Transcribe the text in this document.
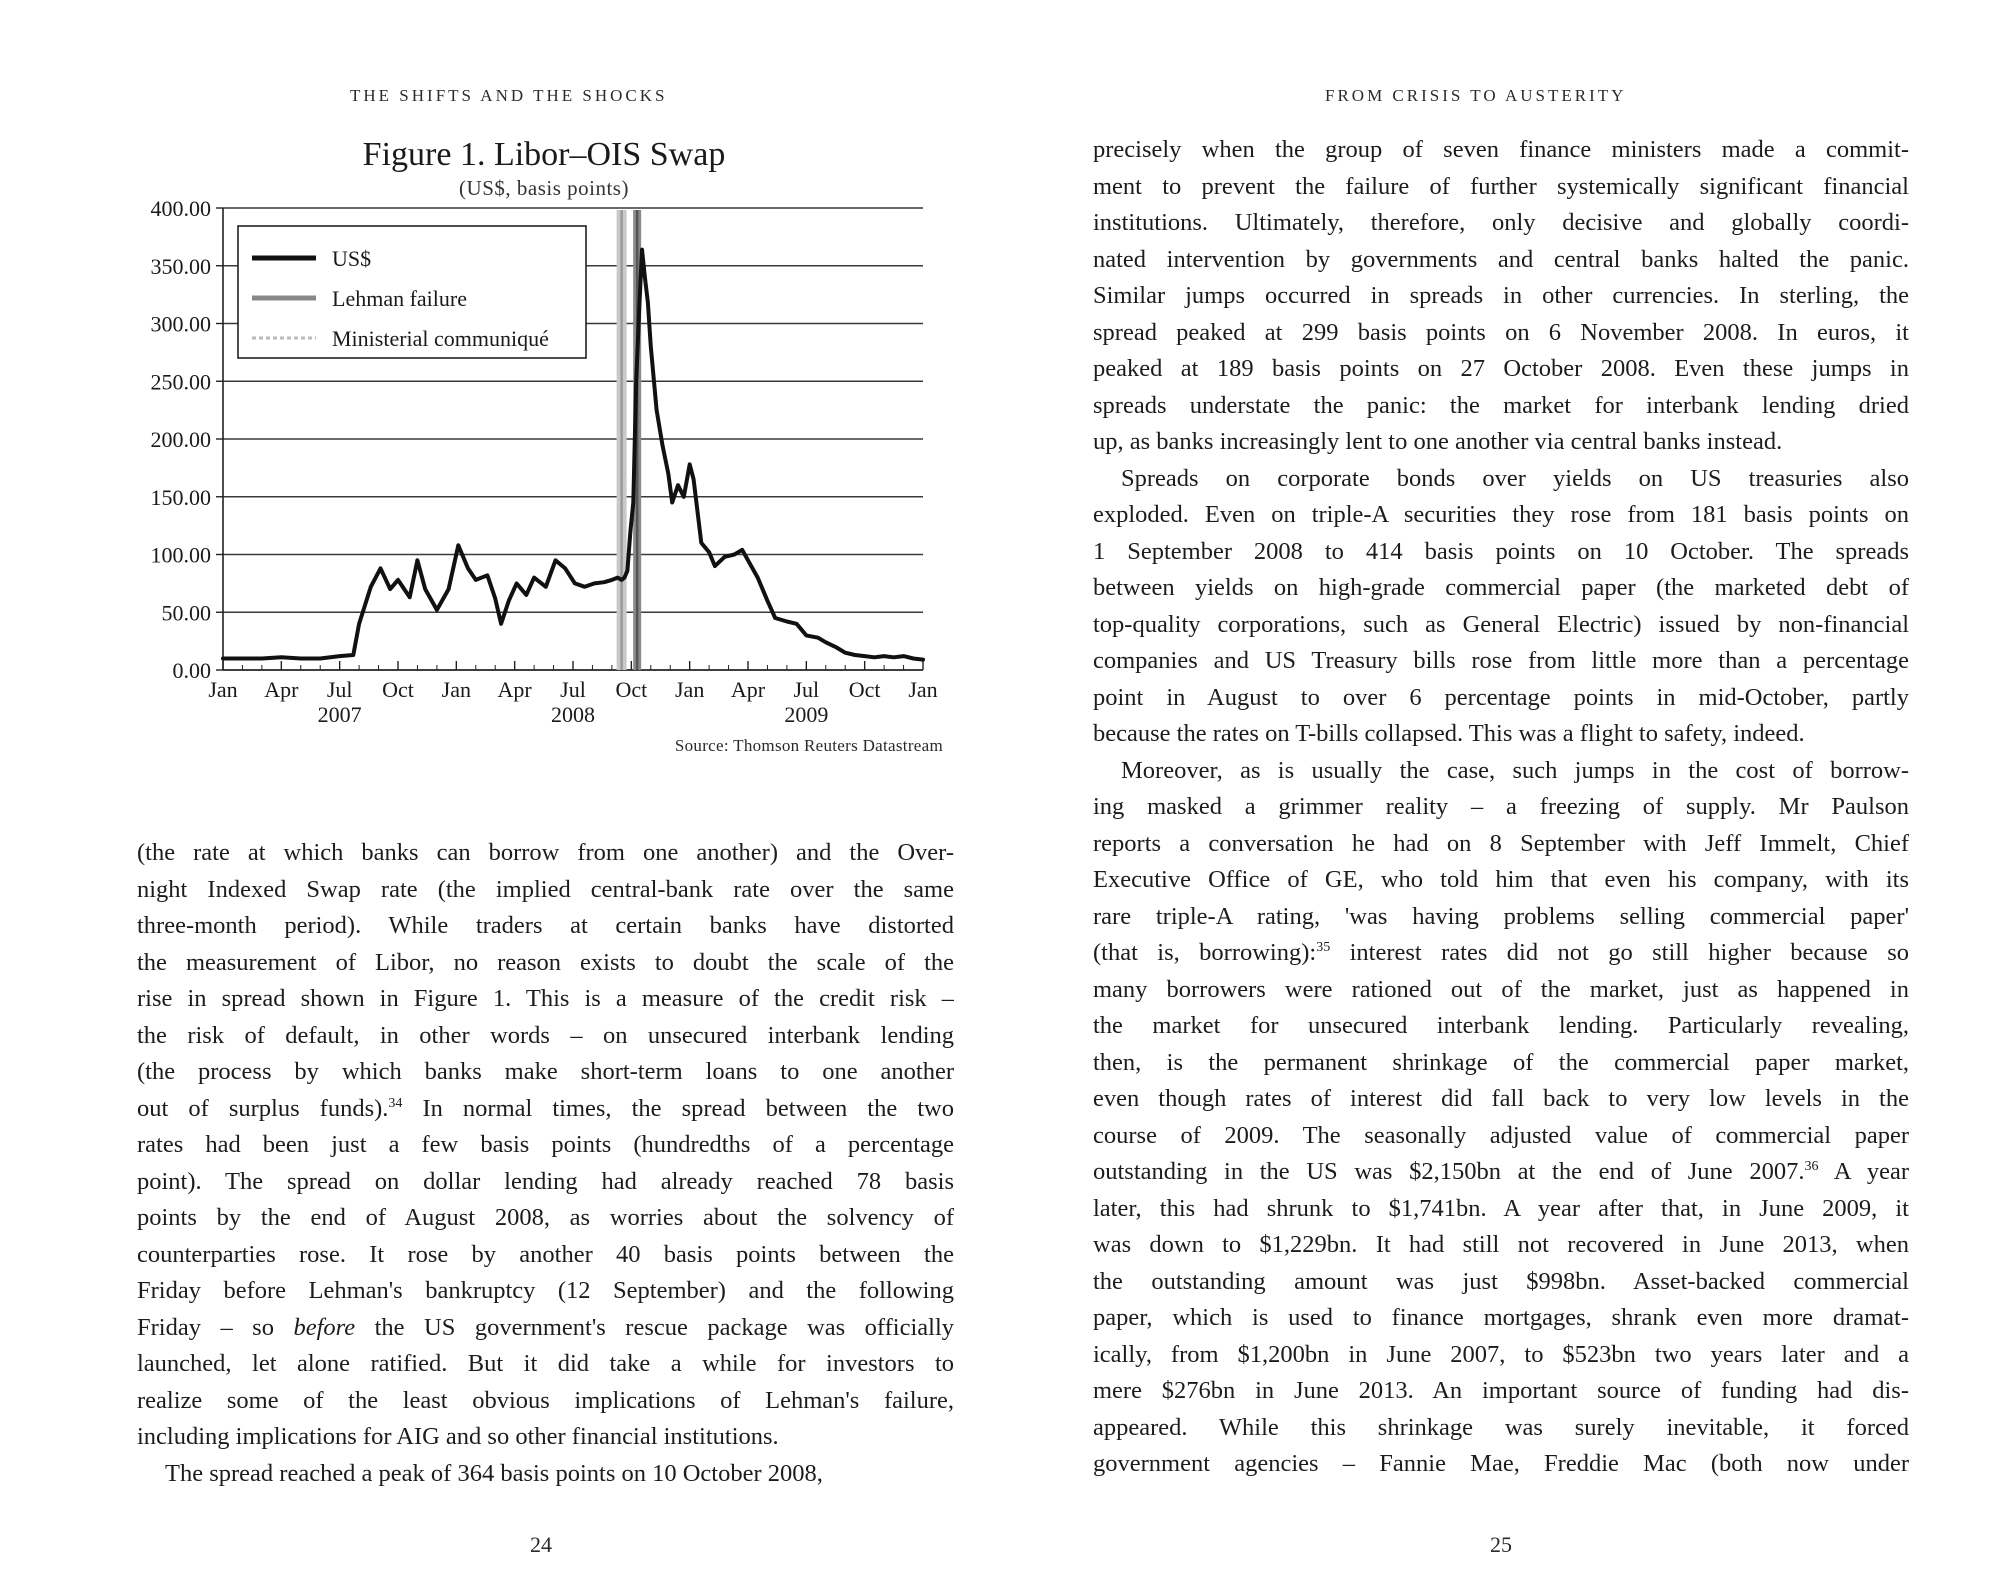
THE SHIFTS AND THE SHOCKS	FROM CRISIS TO AUSTERITY
Figure 1. Libor–OIS Swap
(US$, basis points)
400.00
350.00
300.00
250.00
200.00
150.00
100.00
50.00
0.00
Jan Apr Jul Oct Jan Apr Jul Oct Jan Apr Jul Oct Jan
2007	2008	2009
US$
Lehman failure
Ministerial communiqué
Source: Thomson Reuters Datastream
(the rate at which banks can borrow from one another) and the Over-
night Indexed Swap rate (the implied central-bank rate over the same
three-month period). While traders at certain banks have distorted
the measurement of Libor, no reason exists to doubt the scale of the
rise in spread shown in Figure 1. This is a measure of the credit risk –
the risk of default, in other words – on unsecured interbank lending
(the process by which banks make short-term loans to one another
out of surplus funds).$^{34}$ In normal times, the spread between the two
rates had been just a few basis points (hundredths of a percentage
point). The spread on dollar lending had already reached 78 basis
points by the end of August 2008, as worries about the solvency of
counterparties rose. It rose by another 40 basis points between the
Friday before Lehman's bankruptcy (12 September) and the following
Friday – so before the US government's rescue package was officially
launched, let alone ratified. But it did take a while for investors to
realize some of the least obvious implications of Lehman's failure,
including implications for AIG and so other financial institutions.
The spread reached a peak of 364 basis points on 10 October 2008,
precisely when the group of seven finance ministers made a commit-
ment to prevent the failure of further systemically significant financial
institutions. Ultimately, therefore, only decisive and globally coordi-
nated intervention by governments and central banks halted the panic.
Similar jumps occurred in spreads in other currencies. In sterling, the
spread peaked at 299 basis points on 6 November 2008. In euros, it
peaked at 189 basis points on 27 October 2008. Even these jumps in
spreads understate the panic: the market for interbank lending dried
up, as banks increasingly lent to one another via central banks instead.
Spreads on corporate bonds over yields on US treasuries also
exploded. Even on triple-A securities they rose from 181 basis points on
1 September 2008 to 414 basis points on 10 October. The spreads
between yields on high-grade commercial paper (the marketed debt of
top-quality corporations, such as General Electric) issued by non-financial
companies and US Treasury bills rose from little more than a percentage
point in August to over 6 percentage points in mid-October, partly
because the rates on T-bills collapsed. This was a flight to safety, indeed.
Moreover, as is usually the case, such jumps in the cost of borrow-
ing masked a grimmer reality – a freezing of supply. Mr Paulson
reports a conversation he had on 8 September with Jeff Immelt, Chief
Executive Office of GE, who told him that even his company, with its
rare triple-A rating, 'was having problems selling commercial paper'
(that is, borrowing):$^{35}$ interest rates did not go still higher because so
many borrowers were rationed out of the market, just as happened in
the market for unsecured interbank lending. Particularly revealing,
then, is the permanent shrinkage of the commercial paper market,
even though rates of interest did fall back to very low levels in the
course of 2009. The seasonally adjusted value of commercial paper
outstanding in the US was $2,150bn at the end of June 2007.36 A year
later, this had shrunk to $1,741bn. A year after that, in June 2009, it
was down to $1,229bn. It had still not recovered in June 2013, when
the outstanding amount was just $998bn. Asset-backed commercial
paper, which is used to finance mortgages, shrank even more dramat-
ically, from $1,200bn in June 2007, to $523bn two years later and a
mere $276bn in June 2013. An important source of funding had dis-
appeared. While this shrinkage was surely inevitable, it forced
government agencies – Fannie Mae, Freddie Mac (both now under
24	25
